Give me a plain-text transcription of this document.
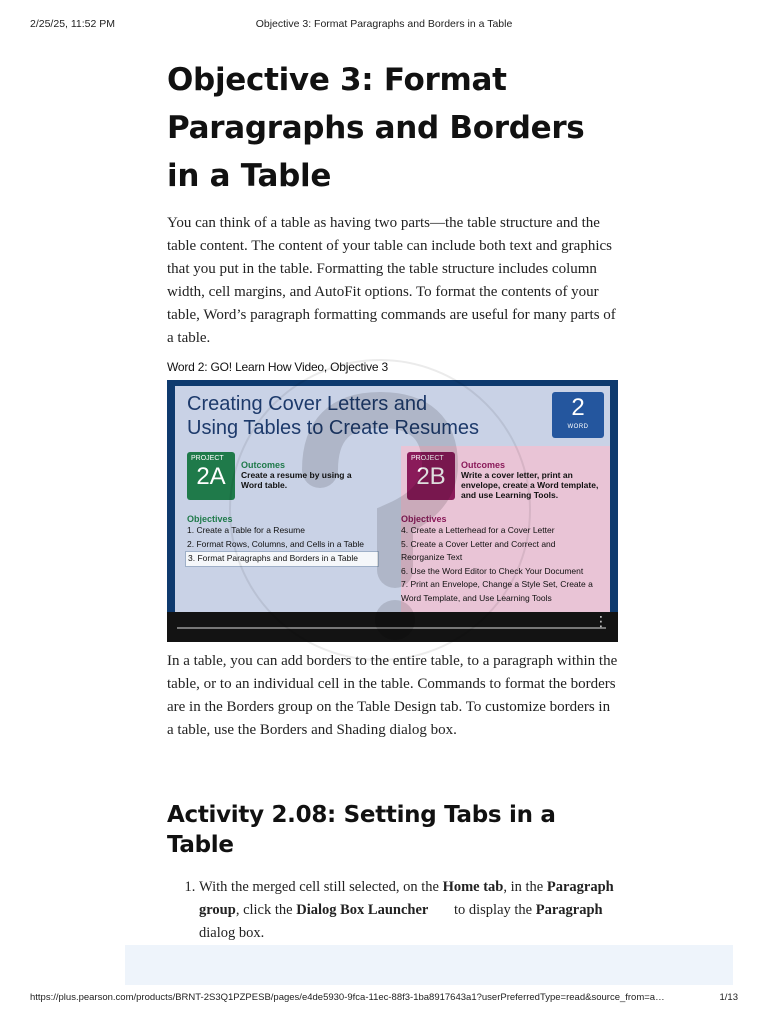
2/25/25, 11:52 PM	Objective 3: Format Paragraphs and Borders in a Table
Objective 3: Format Paragraphs and Borders in a Table

You can think of a table as having two parts—the table structure and the table content. The content of your table can include both text and graphics that you put in the table. Formatting the table structure includes column width, cell margins, and AutoFit options. To format the contents of your table, Word’s paragraph formatting commands are useful for many parts of a table.

Word 2: GO! Learn How Video, Objective 3
Creating Cover Letters and
Using Tables to Create Resumes
2
WORD
PROJECT
2A	Outcomes
Create a resume by using a Word table.
Objectives
1. Create a Table for a Resume
2. Format Rows, Columns, and Cells in a Table
3. Format Paragraphs and Borders in a Table
PROJECT
2B	Outcomes
Write a cover letter, print an envelope, create a Word template, and use Learning Tools.
Objectives
4. Create a Letterhead for a Cover Letter
5. Create a Cover Letter and Correct and Reorganize Text
6. Use the Word Editor to Check Your Document
7. Print an Envelope, Change a Style Set, Create a Word Template, and Use Learning Tools
⋮

In a table, you can add borders to the entire table, to a paragraph within the table, or to an individual cell in the table. Commands to format the borders are in the Borders group on the Table Design tab. To customize borders in a table, use the Borders and Shading dialog box.

Activity 2.08: Setting Tabs in a Table
1. With the merged cell still selected, on the Home tab, in the Paragraph group, click the Dialog Box Launcher to display the Paragraph dialog box.
https://plus.pearson.com/products/BRNT-2S3Q1PZPESB/pages/e4de5930-9fca-11ec-88f3-1ba8917643a1?userPreferredType=read&source_from=a…	1/13
